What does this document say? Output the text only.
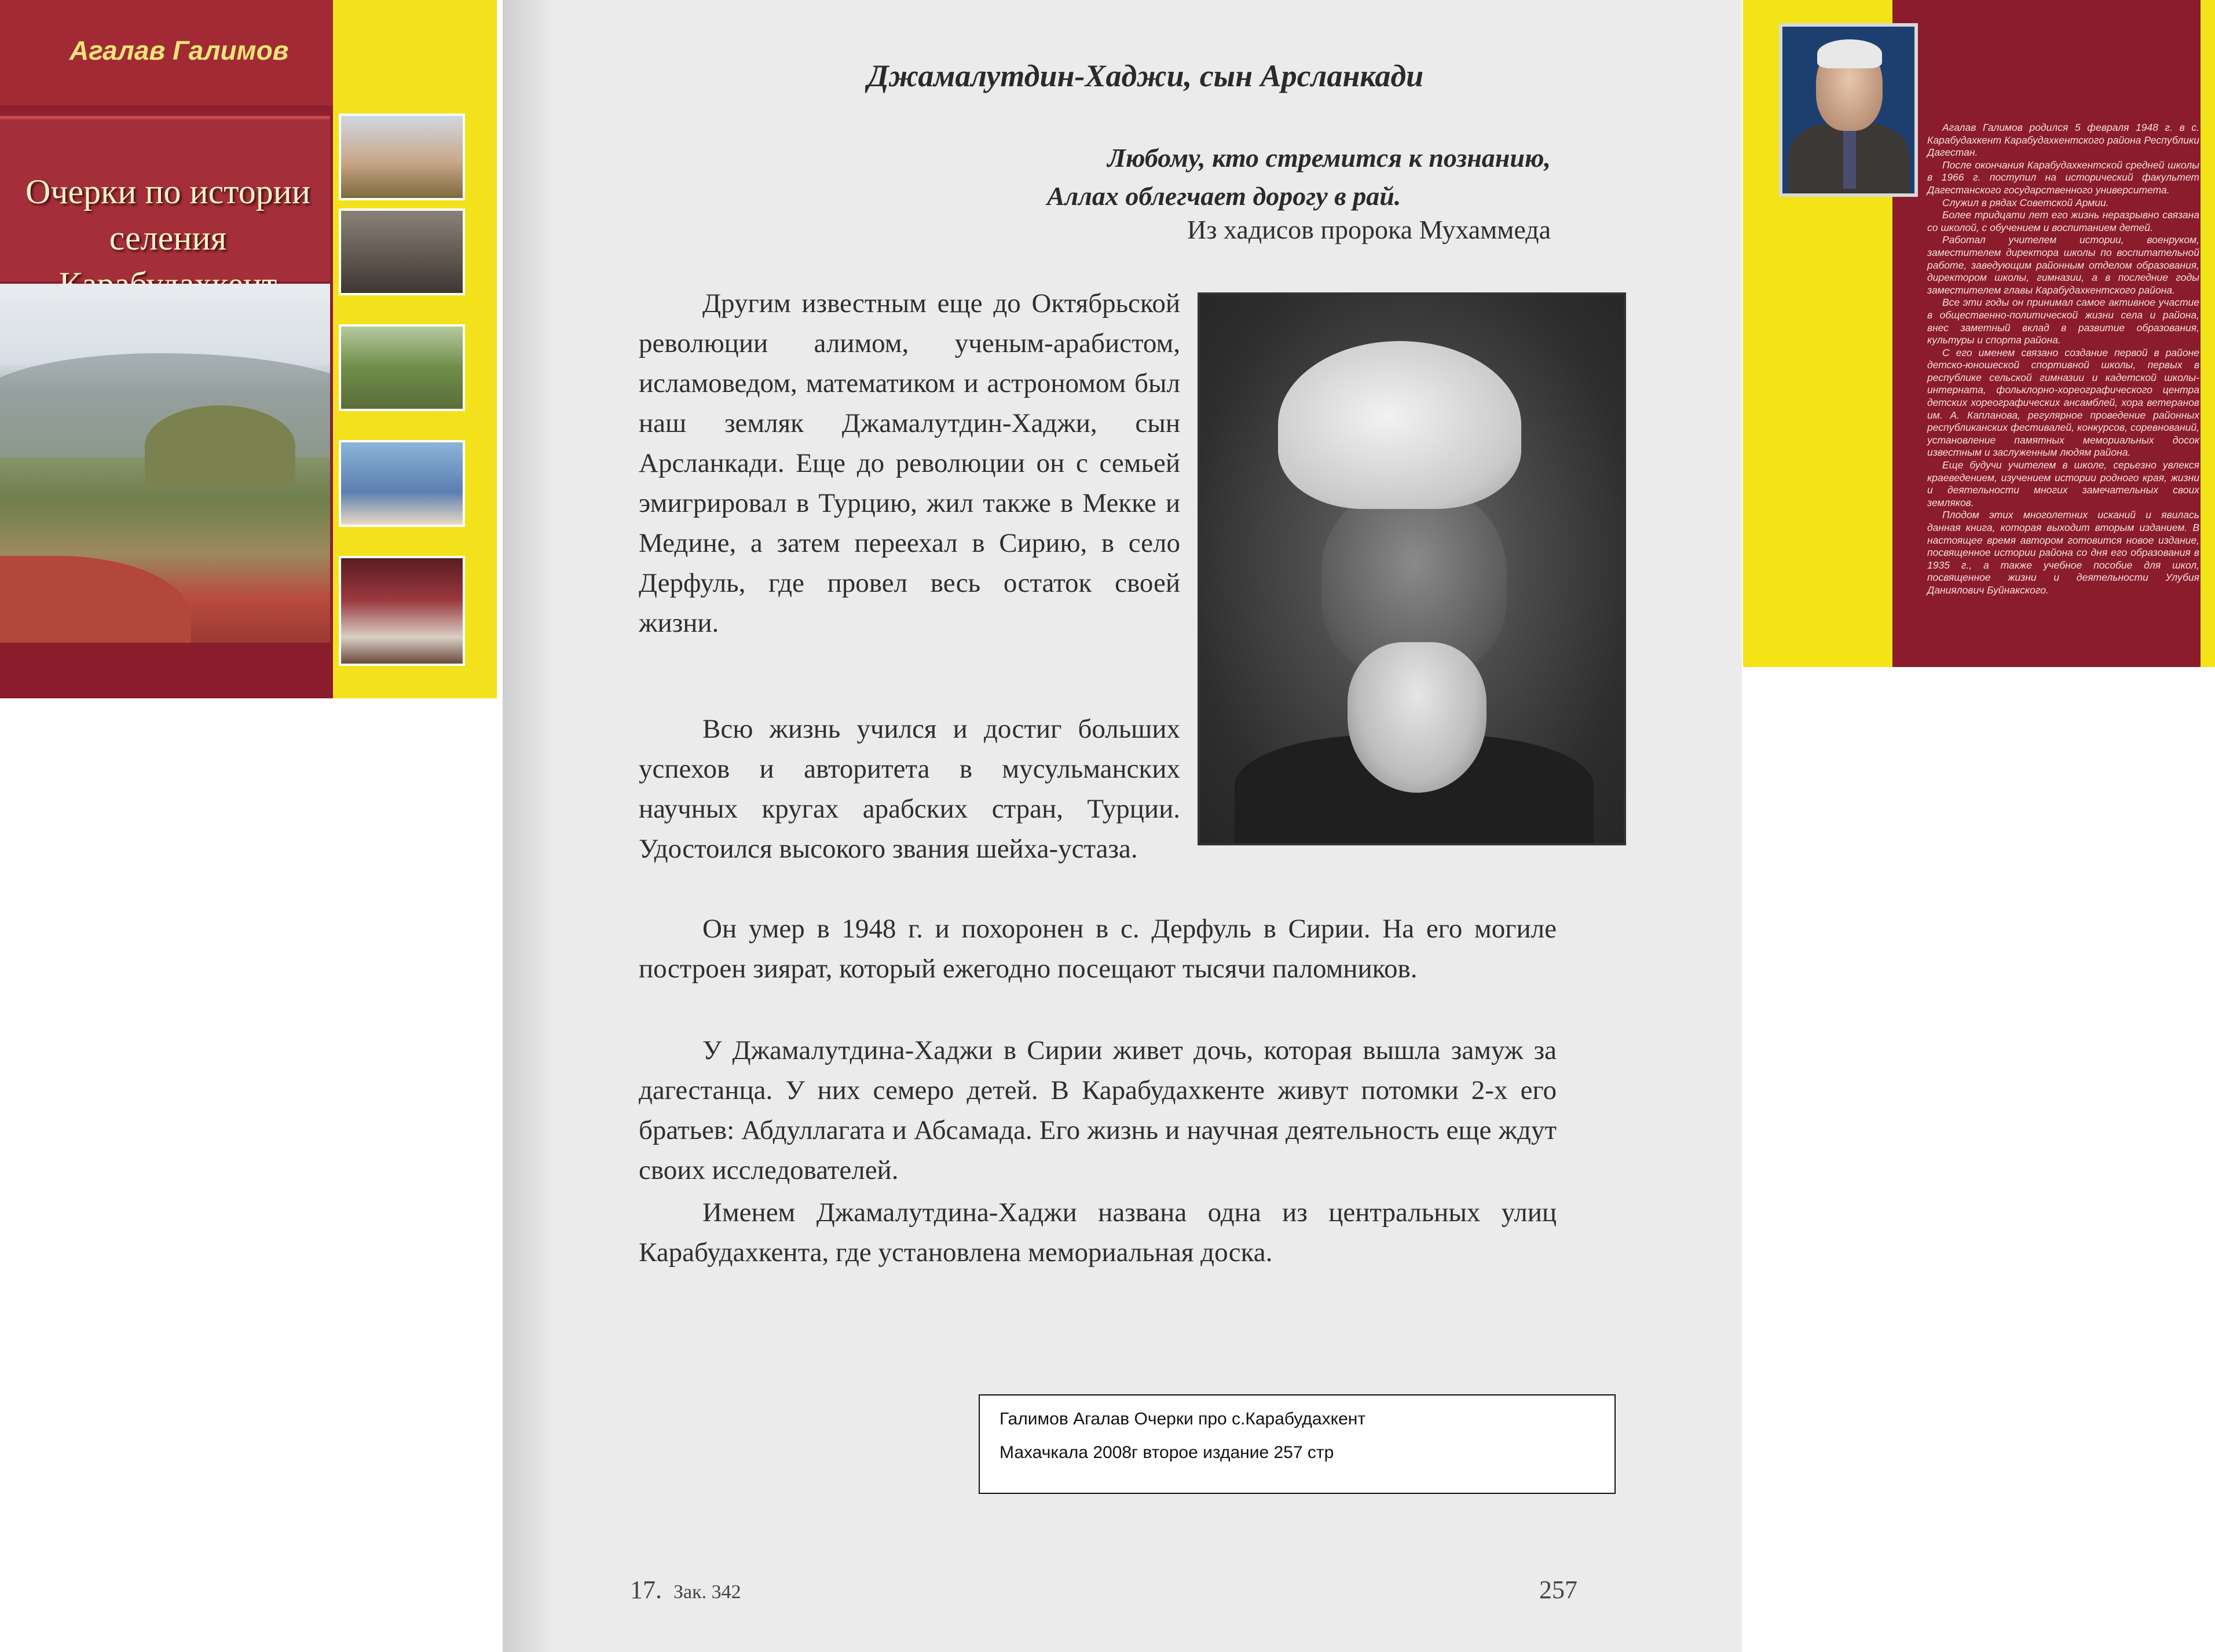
Агалав Галимов
Очерки по истории
селения
Джамалутдин-Хаджи, сын Арсланкади
Любому, кто стремится к познанию,
Аллах облегчает дорогу в рай.
Из хадисов пророка Мухаммеда

Другим известным еще до Октябрьской революции алимом, ученым-арабистом, исламоведом, математиком и астрономом был наш земляк Джамалутдин-Хаджи, сын Арсланкади. Еще до революции он с семьей эмигрировал в Турцию, жил также в Мекке и Медине, а затем переехал в Сирию, в село Дерфуль, где провел весь остаток своей жизни.

Всю жизнь учился и достиг больших успехов и авторитета в мусульманских научных кругах арабских стран, Турции. Удостоился высокого звания шейха-устаза.

Он умер в 1948 г. и похоронен в с. Дерфуль в Сирии. На его могиле построен зиярат, который ежегодно посещают тысячи паломников.

У Джамалутдина-Хаджи в Сирии живет дочь, которая вышла замуж за дагестанца. У них семеро детей. В Карабудахкенте живут потомки 2-х его братьев: Абдуллагата и Абсамада. Его жизнь и научная деятельность еще ждут своих исследователей.

Именем Джамалутдина-Хаджи названа одна из центральных улиц Карабудахкента, где установлена мемориальная доска.

Галимов Агалав Очерки про с.Карабудахкент
Махачкала 2008г второе издание 257 стр
17. Зак. 342	257

Агалав Галимов родился 5 февраля 1948 г. в с. Карабудахкент Карабудахкентского района Республики Дагестан.

После окончания Карабудахкентской средней школы в 1966 г. поступил на исторический факультет Дагестанского государственного университета.

Служил в рядах Советской Армии.

Более тридцати лет его жизнь неразрывно связана со школой, с обучением и воспитанием детей.

Работал учителем истории, военруком, заместителем директора школы по воспитательной работе, заведующим районным отделом образования, директором школы, гимназии, а в последние годы заместителем главы Карабудахкентского района.

Все эти годы он принимал самое активное участие в общественно-политической жизни села и района, внес заметный вклад в развитие образования, культуры и спорта района.

С его именем связано создание первой в районе детско-юношеской спортивной школы, первых в республике сельской гимназии и кадетской школы-интерната, фольклорно-хореографического центра детских хореографических ансамблей, хора ветеранов им. А. Капланова, регулярное проведение районных республиканских фестивалей, конкурсов, соревнований, установление памятных мемориальных досок известным и заслуженным людям района.

Еще будучи учителем в школе, серьезно увлекся краеведением, изучением истории родного края, жизни и деятельности многих замечательных своих земляков.

Плодом этих многолетних исканий и явилась данная книга, которая выходит вторым изданием. В настоящее время автором готовится новое издание, посвященное истории района со дня его образования в 1935 г., а также учебное пособие для школ, посвященное жизни и деятельности Улубия Даниялович Буйнакского.
